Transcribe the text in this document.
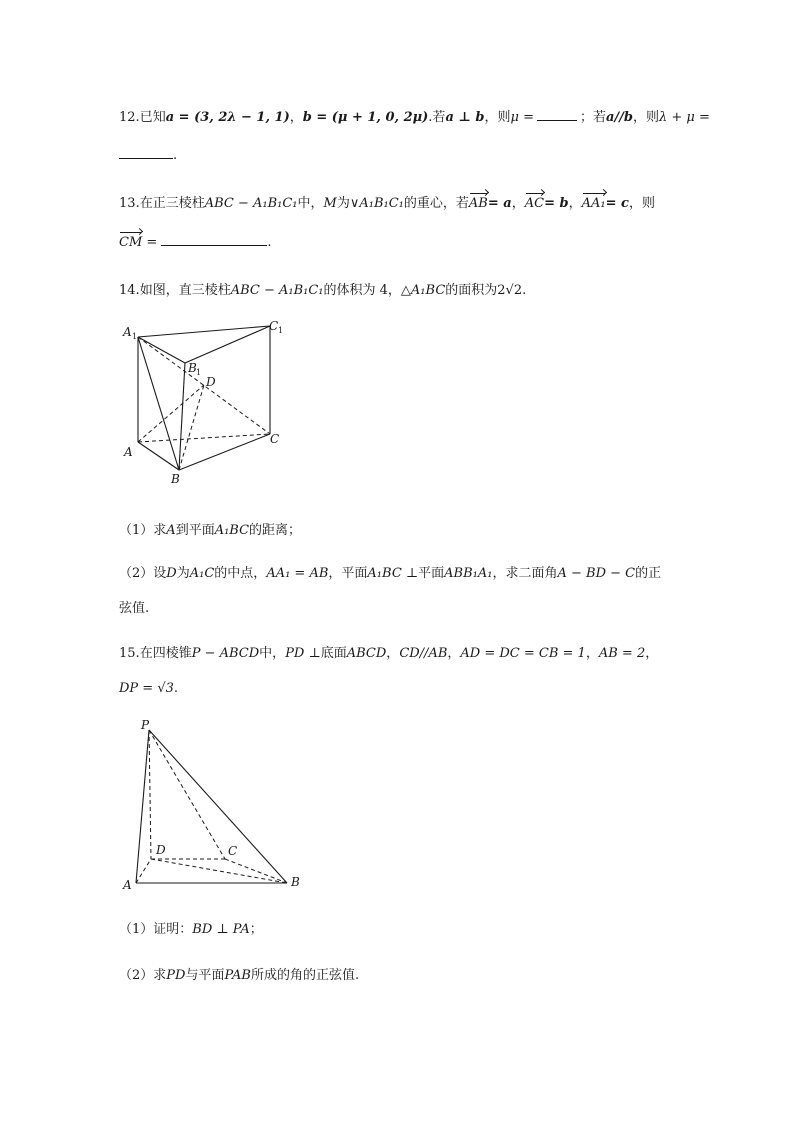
12.已知a = (3, 2λ − 1, 1)，b = (μ + 1, 0, 2μ).若a ⊥ b，则μ =	；若a//b，则λ + μ =
.
13.在正三棱柱ABC − A₁B₁C₁中，M为∨A₁B₁C₁的重心，若AB= a，AC= b，AA₁= c，则
CM =	.
14.如图，直三棱柱ABC − A₁B₁C₁的体积为 4，△A₁BC的面积为2√2.
A 1
C 1
B 1
D
A
C
B
（1）求A到平面A₁BC的距离；
（2）设D为A₁C的中点，AA₁ = AB，平面A₁BC ⊥平面ABB₁A₁，求二面角A − BD − C的正
弦值.
15.在四棱锥P − ABCD中，PD ⊥底面ABCD，CD//AB，AD = DC = CB = 1，AB = 2，
DP = √3.
P
D	C
A	B
（1）证明：BD ⊥ PA；
（2）求PD与平面PAB所成的角的正弦值.
